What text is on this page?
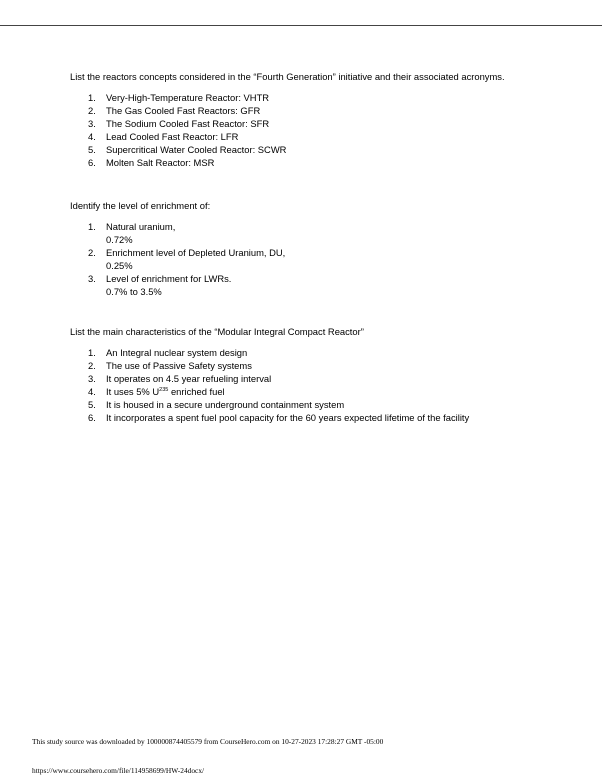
List the reactors concepts considered in the “Fourth Generation” initiative and their associated acronyms.

1. Very-High-Temperature Reactor: VHTR
2. The Gas Cooled Fast Reactors: GFR
3. The Sodium Cooled Fast Reactor: SFR
4. Lead Cooled Fast Reactor: LFR
5. Supercritical Water Cooled Reactor: SCWR
6. Molten Salt Reactor: MSR

Identify the level of enrichment of:

1. Natural uranium,
0.72%
2. Enrichment level of Depleted Uranium, DU,
0.25%
3. Level of enrichment for LWRs.
0.7% to 3.5%

List the main characteristics of the “Modular Integral Compact Reactor”

1. An Integral nuclear system design
2. The use of Passive Safety systems
3. It operates on 4.5 year refueling interval
4. It uses 5% $U^{235}$ enriched fuel
5. It is housed in a secure underground containment system
6. It incorporates a spent fuel pool capacity for the 60 years expected lifetime of the facility
This study source was downloaded by 100000874405579 from CourseHero.com on 10-27-2023 17:28:27 GMT -05:00
https://www.coursehero.com/file/114958699/HW-24docx/
